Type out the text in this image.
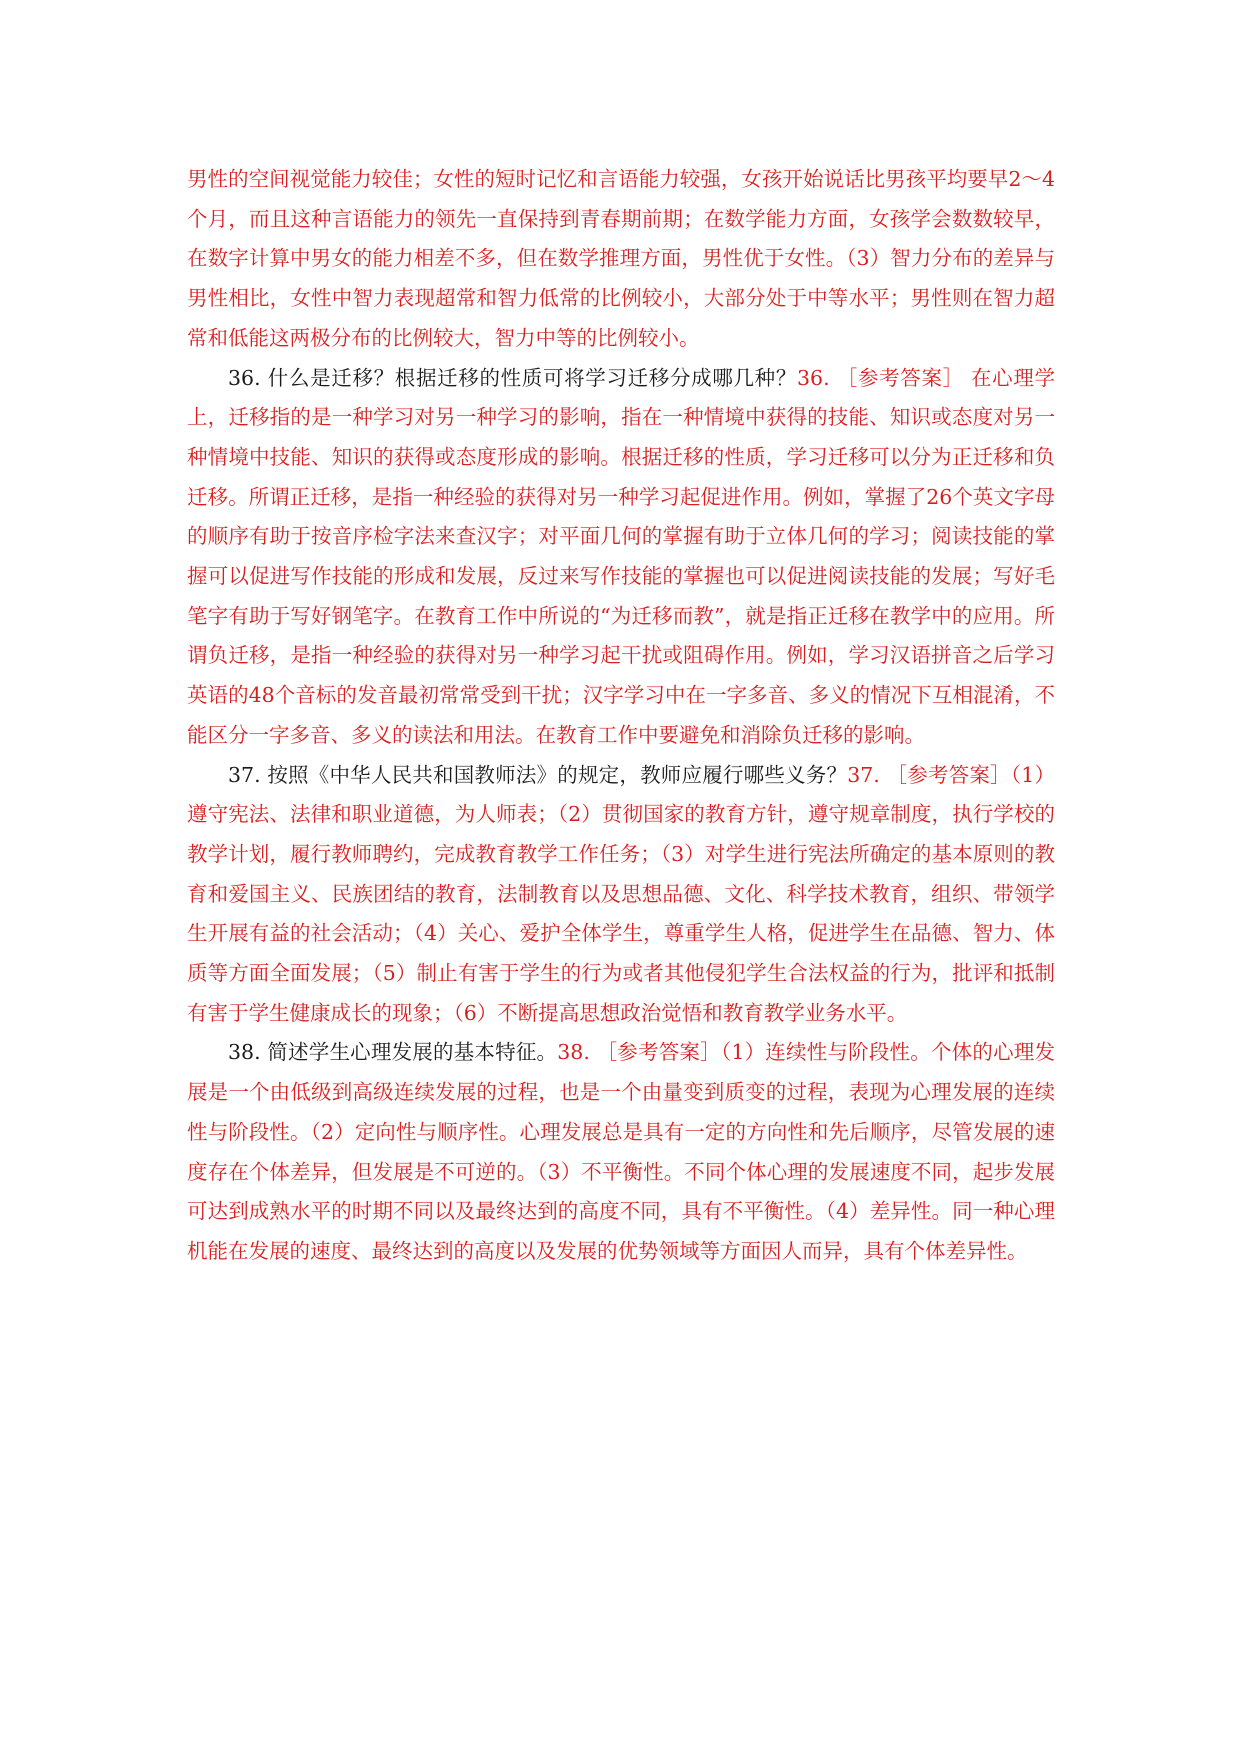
男性的空间视觉能力较佳；女性的短时记忆和言语能力较强，女孩开始说话比男孩平均要早2～4个月，而且这种言语能力的领先一直保持到青春期前期；在数学能力方面，女孩学会数数较早，在数字计算中男女的能力相差不多，但在数学推理方面，男性优于女性。（3）智力分布的差异与男性相比，女性中智力表现超常和智力低常的比例较小，大部分处于中等水平；男性则在智力超常和低能这两极分布的比例较大，智力中等的比例较小。

36. 什么是迁移？根据迁移的性质可将学习迁移分成哪几种？36. ［参考答案］ 在心理学上，迁移指的是一种学习对另一种学习的影响，指在一种情境中获得的技能、知识或态度对另一种情境中技能、知识的获得或态度形成的影响。根据迁移的性质，学习迁移可以分为正迁移和负迁移。所谓正迁移，是指一种经验的获得对另一种学习起促进作用。例如，掌握了26个英文字母的顺序有助于按音序检字法来查汉字；对平面几何的掌握有助于立体几何的学习；阅读技能的掌握可以促进写作技能的形成和发展，反过来写作技能的掌握也可以促进阅读技能的发展；写好毛笔字有助于写好钢笔字。在教育工作中所说的“为迁移而教”，就是指正迁移在教学中的应用。所谓负迁移，是指一种经验的获得对另一种学习起干扰或阻碍作用。例如，学习汉语拼音之后学习英语的48个音标的发音最初常常受到干扰；汉字学习中在一字多音、多义的情况下互相混淆，不能区分一字多音、多义的读法和用法。在教育工作中要避免和消除负迁移的影响。

37. 按照《中华人民共和国教师法》的规定，教师应履行哪些义务？37. ［参考答案］（1）遵守宪法、法律和职业道德，为人师表；（2）贯彻国家的教育方针，遵守规章制度，执行学校的教学计划，履行教师聘约，完成教育教学工作任务；（3）对学生进行宪法所确定的基本原则的教育和爱国主义、民族团结的教育，法制教育以及思想品德、文化、科学技术教育，组织、带领学生开展有益的社会活动；（4）关心、爱护全体学生，尊重学生人格，促进学生在品德、智力、体质等方面全面发展；（5）制止有害于学生的行为或者其他侵犯学生合法权益的行为，批评和抵制有害于学生健康成长的现象；（6）不断提高思想政治觉悟和教育教学业务水平。

38. 简述学生心理发展的基本特征。38. ［参考答案］（1）连续性与阶段性。个体的心理发展是一个由低级到高级连续发展的过程，也是一个由量变到质变的过程，表现为心理发展的连续性与阶段性。（2）定向性与顺序性。心理发展总是具有一定的方向性和先后顺序，尽管发展的速度存在个体差异，但发展是不可逆的。（3）不平衡性。不同个体心理的发展速度不同，起步发展可达到成熟水平的时期不同以及最终达到的高度不同，具有不平衡性。（4）差异性。同一种心理机能在发展的速度、最终达到的高度以及发展的优势领域等方面因人而异，具有个体差异性。
